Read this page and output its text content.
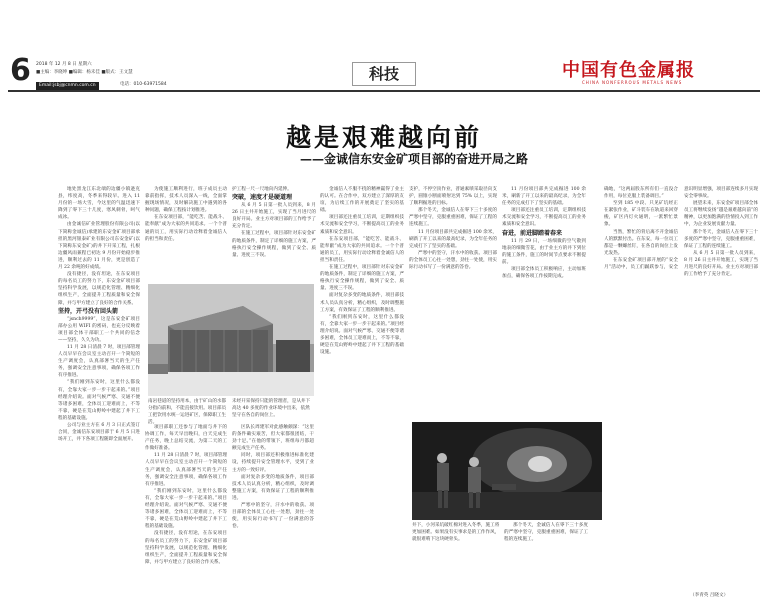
6 2018 年 12 月 8 日 星期六
■主编：李晓坤 ■编辑：杨未佳 ■版式：王文慧
Email:jsbj@cnmn.com.cn	电话：010-63971584
科技	中国有色金属报
CHINA NONFERROUS METALS NEWS
越是艰难越向前
——金诚信东安金矿项目部的奋进开局之路

地处黑龙江东北端的边疆小镇逊克县，纬度高，冬季来得较早。进入 11 月份的一场大雪，今这里的气温迅速下降到了零下三十几度，寒风刺骨，呵气成冰。

由金诚信矿业管理股份有限公司(以下简称金诚信)承建的东安金矿项目部承担的黑河银泰矿业有限公司东安金矿(以下简称东安金矿)的井下开采工程，扎根边疆风雨兼程已初达 9 月份开始稳步推进，顺利过去的 11 月份，更是创造了月 22 余吨的好成绩。

没有捷径，没有坦途，在东安项目的每名员工的努力下，东安金矿项目部坚持科学发展，以规范化管理、精细化组织生产，全面提升工程质量和安全保障，并与甲方建立了良好的合作关系。

坚持，开弓没有回头箭

“jsnch9999”，这是东安金矿项目部办公用 WIFI 的密码，也充分反映着项目部全体干部职工一个共同的信念——坚持，久久为功。

11 月 28 日清晨 7 时，项目部管理人员早早在会议室主动召开一个简短的生产调度会，认真部署当天的生产任务，强调安全注意事项，确保各项工作有序推进。

“我们刚到东安时，这里什么都没有，全靠大家一步一步干起来的。”项目经理介绍说。面对气候严寒、交通不便等诸多困难，全体员工迎难而上，不等不靠，硬是在荒山野岭中建起了井下工程的基础设施。

公司与业主方在 6 月 3 日正式签订合同，金诚信东安项目部于 6 月 5 日进场开工，井下各项工程随即全面展开。

为使施工顺利进行，班子成员主动靠前指挥，技术人员深入一线，全面掌握现场情况，及时解决施工中遇到的各种问题，确保工程按计划推进。

在东安项目部，“能吃苦、能战斗、能奉献”成为大家的共同追求。一个个普通的员工，用实际行动诠释着金诚信人的担当和责任。

护工程一尺一尺地向内延伸。

突破，速度才是硬道理

从 6 月 5 日第一批人员到来，8 月 26 日主井开始施工，实现了当月进尺的良好开局。业主方对项目部的工作给予了充分肯定。

在施工过程中，项目部针对东安金矿的地质条件，制定了详细的施工方案，严格执行安全操作规程，做到了安全、质量、进度三不误。

南岩巷道的坚持用本，由于矿山的水都分指向前和，不能直接饮用。项目部员工把饮用水统一运进矿区，保障职工生活。

项目部职工还参与了地面与井下的协调工作，每天早出晚归，白天完成生产任务，晚上总结交流，为第二天的工作做好准备。

11 月 28 日清晨 7 时，项目部管理人员早早在会议室主动召开一个简短的生产调度会，认真部署当天的生产任务，强调安全注意事项，确保各项工作有序推进。

“我们刚到东安时，这里什么都没有，全靠大家一步一步干起来的。”项目经理介绍说。面对气候严寒、交通不便等诸多困难，全体员工迎难而上，不等不靠，硬是在荒山野岭中建起了井下工程的基础设施。

没有捷径，没有坦途，在东安项目的每名员工的努力下，东安金矿项目部坚持科学发展，以规范化管理、精细化组织生产，全面提升工程质量和安全保障，并与甲方建立了良好的合作关系。

未经开采保持只能的管理者，是从井下高达 40 多度的作业环境中出来，依然坚守在各自的岗位上。

区队长周建军对此感触颇深：“这里的条件确实艰苦，但大家都很团结，干劲十足。”在他的带领下，班组每月都超额完成生产任务。

同时，项目部还积极推进标准化建设，持续提升安全管理水平，受到了业主方的一致好评。

面对复杂多变的地质条件，项目部技术人员认真分析，精心组织，及时调整施工方案，有效保证了工程的顺利推进。

严寒中的坚守，汗水中的收获。项目部的全体员工心往一处想，劲往一处使，用实际行动书写了一份满意的答卷。

金诚信人不服不挠的精神赢得了业主的认可。在合作中，双方建立了深厚的友谊，为后续工作的开展奠定了坚实的基础。

项目部还注重员工培训，定期组织技术交流和安全学习，不断提高员工的业务素质和安全意识。

在东安项目部，“能吃苦、能战斗、能奉献”成为大家的共同追求。一个个普通的员工，用实际行动诠释着金诚信人的担当和责任。

在施工过程中，项目部针对东安金矿的地质条件，制定了详细的施工方案，严格执行安全操作规程，做到了安全、质量、进度三不误。

面对复杂多变的地质条件，项目部技术人员认真分析，精心组织，及时调整施工方案，有效保证了工程的顺利推进。

“我们刚到东安时，这里什么都没有，全靠大家一步一步干起来的。”项目经理介绍说。面对气候严寒、交通不便等诸多困难，全体员工迎难而上，不等不靠，硬是在荒山野岭中建起了井下工程的基础设施。

支护，不停空顶作业，普通素喷采取径向支护，圆锥小断面喷射达到 75% 以上，实现了顺利掘进的目标。

那个冬天，金诚信人在零下三十多度的严寒中坚守，克服重重困难，保证了工程的连续施工。

11 月份项目部共完成掘进 100 余米，刷新了开工以来的最高纪录，为全年任务的完成打下了坚实的基础。

严寒中的坚守，汗水中的收获。项目部的全体员工心往一处想，劲往一处使，用实际行动书写了一份满意的答卷。

11 月份项目部共完成掘进 100 余米，刷新了开工以来的最高纪录，为全年任务的完成打下了坚实的基础。

项目部还注重员工培训，定期组织技术交流和安全学习，不断提高员工的业务素质和安全意识。

奋进，前进脚踏着春来

11 月 29 日，一场细微的空气散到地表的细微雪花，由于业主方的井下到位的施工条件，施工的时间节点要求不断提前。

项目部全体员工积极响应，主动加班加点，确保各项工作按期完成。

井下，小河采坑破红棉对进入冬季，施工将更加困难。如果没有实事求是的工作作风，就很难啃下这块硬骨头。

那个冬天，金诚信人在零下三十多度的严寒中坚守，克服重重困难，保证了工程的连续施工。

确地，“这两届股东所有们一直没合作用，每位克服上装备调目。”

至到 185 中段、只见矿坑经正在紧张作业，矿斗装车在轨道来回穿梭，矿区内灯火通明，一派繁忙景象。

当然，繁忙的背后离不开金诚信人的默默付出。在东安，每一位员工都是一颗螺丝钉，在各自的岗位上发光发热。

在东安金矿项目部开展的“安全月”活动中，员工们踊跃参与，安全意识明显增强，项目部连续多月实现安全零事故。

展望未来，东安金矿项目部全体员工将继续发扬“越是艰难越向前”的精神，以更加饱满的热情投入到工作中，为企业发展贡献力量。

那个冬天，金诚信人在零下三十多度的严寒中坚守，克服重重困难，保证了工程的连续施工。

从 6 月 5 日第一批人员到来，8 月 26 日主井开始施工，实现了当月进尺的良好开局。业主方对项目部的工作给予了充分肯定。

（李青英 吕晓文）
